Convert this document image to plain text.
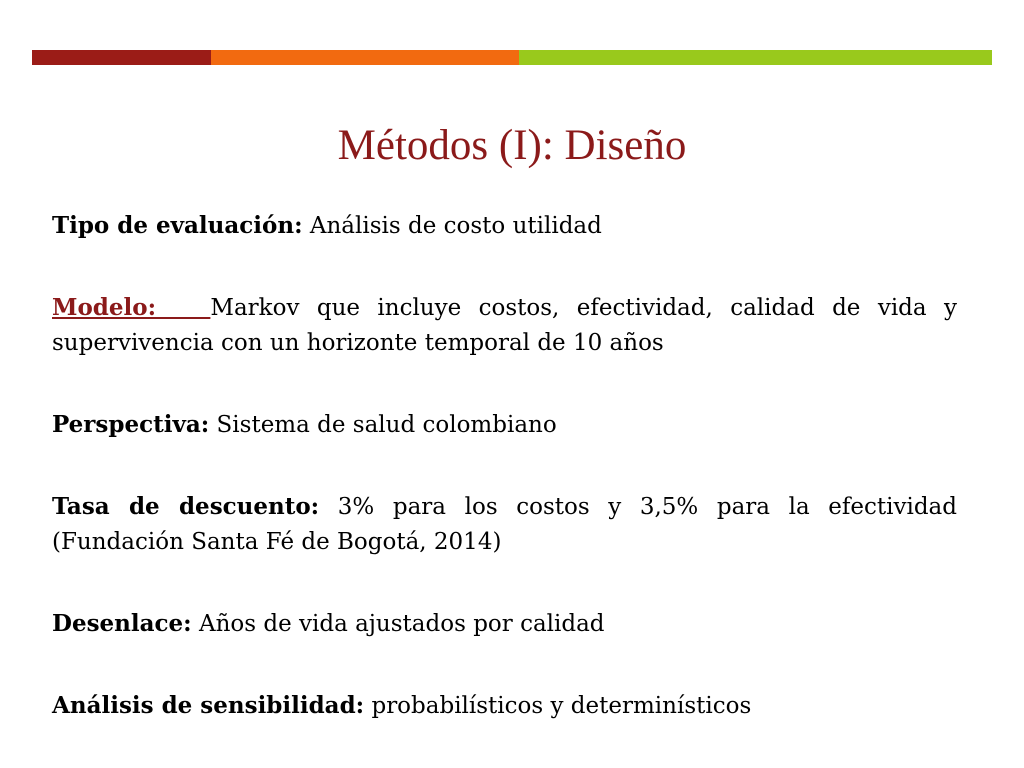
Métodos (I): Diseño

Tipo de evaluación: Análisis de costo utilidad

Modelo:   Markov que incluye costos, efectividad, calidad de vida y supervivencia con un horizonte temporal de 10 años

Perspectiva: Sistema de salud colombiano

Tasa de descuento: 3% para los costos y 3,5% para la efectividad (Fundación Santa Fé de Bogotá, 2014)

Desenlace: Años de vida ajustados por calidad

Análisis de sensibilidad: probabilísticos y determinísticos
